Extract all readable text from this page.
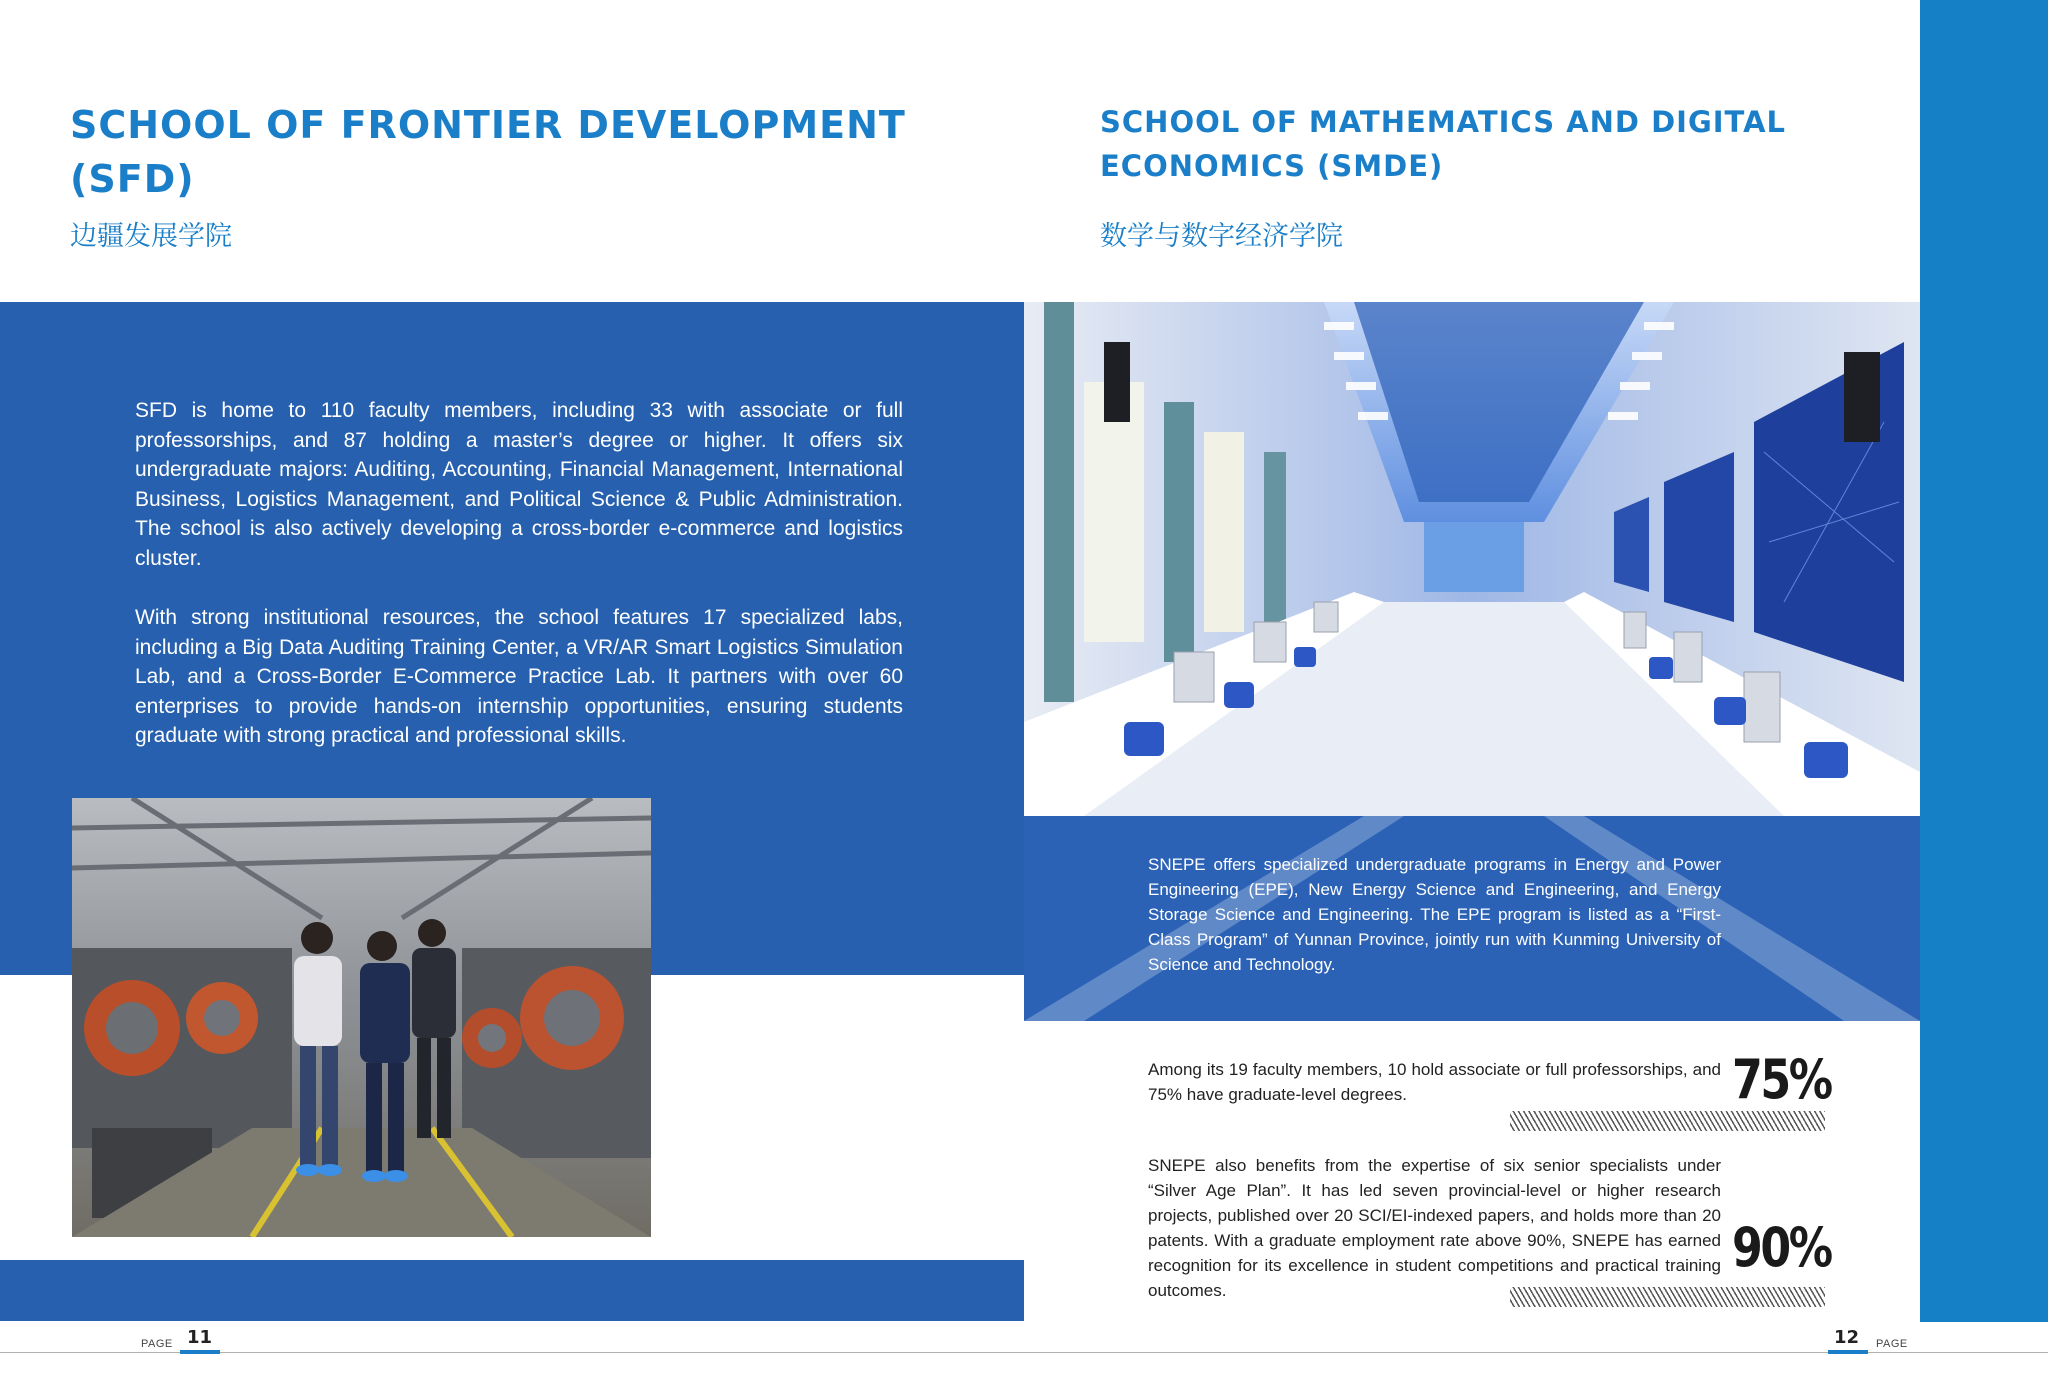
SCHOOL OF FRONTIER DEVELOPMENT (SFD)
边疆发展学院

SFD is home to 110 faculty members, including 33 with associate or full professorships, and 87 holding a master’s degree or higher. It offers six undergraduate majors: Auditing, Accounting, Financial Management, International Business, Logistics Management, and Political Science & Public Administration. The school is also actively developing a cross-border e-commerce and logistics cluster.

With strong institutional resources, the school features 17 specialized labs, including a Big Data Auditing Training Center, a VR/AR Smart Logistics Simulation Lab, and a Cross-Border E-Commerce Practice Lab. It partners with over 60 enterprises to provide hands-on internship opportunities, ensuring students graduate with strong practical and professional skills.

PAGE 11	12 PAGE
SCHOOL OF MATHEMATICS AND DIGITAL ECONOMICS (SMDE)
数学与数字经济学院
SNEPE offers specialized undergraduate programs in Energy and Power Engineering (EPE), New Energy Science and Engineering, and Energy Storage Science and Engineering. The EPE program is listed as a “First-Class Program” of Yunnan Province, jointly run with Kunming University of Science and Technology.
Among its 19 faculty members, 10 hold associate or full professorships, and 75% have graduate-level degrees.	75%
SNEPE also benefits from the expertise of six senior specialists under “Silver Age Plan”. It has led seven provincial-level or higher research projects, published over 20 SCI/EI-indexed papers, and holds more than 20 patents. With a graduate employment rate above 90%, SNEPE has earned recognition for its excellence in student competitions and practical training outcomes.
90%
